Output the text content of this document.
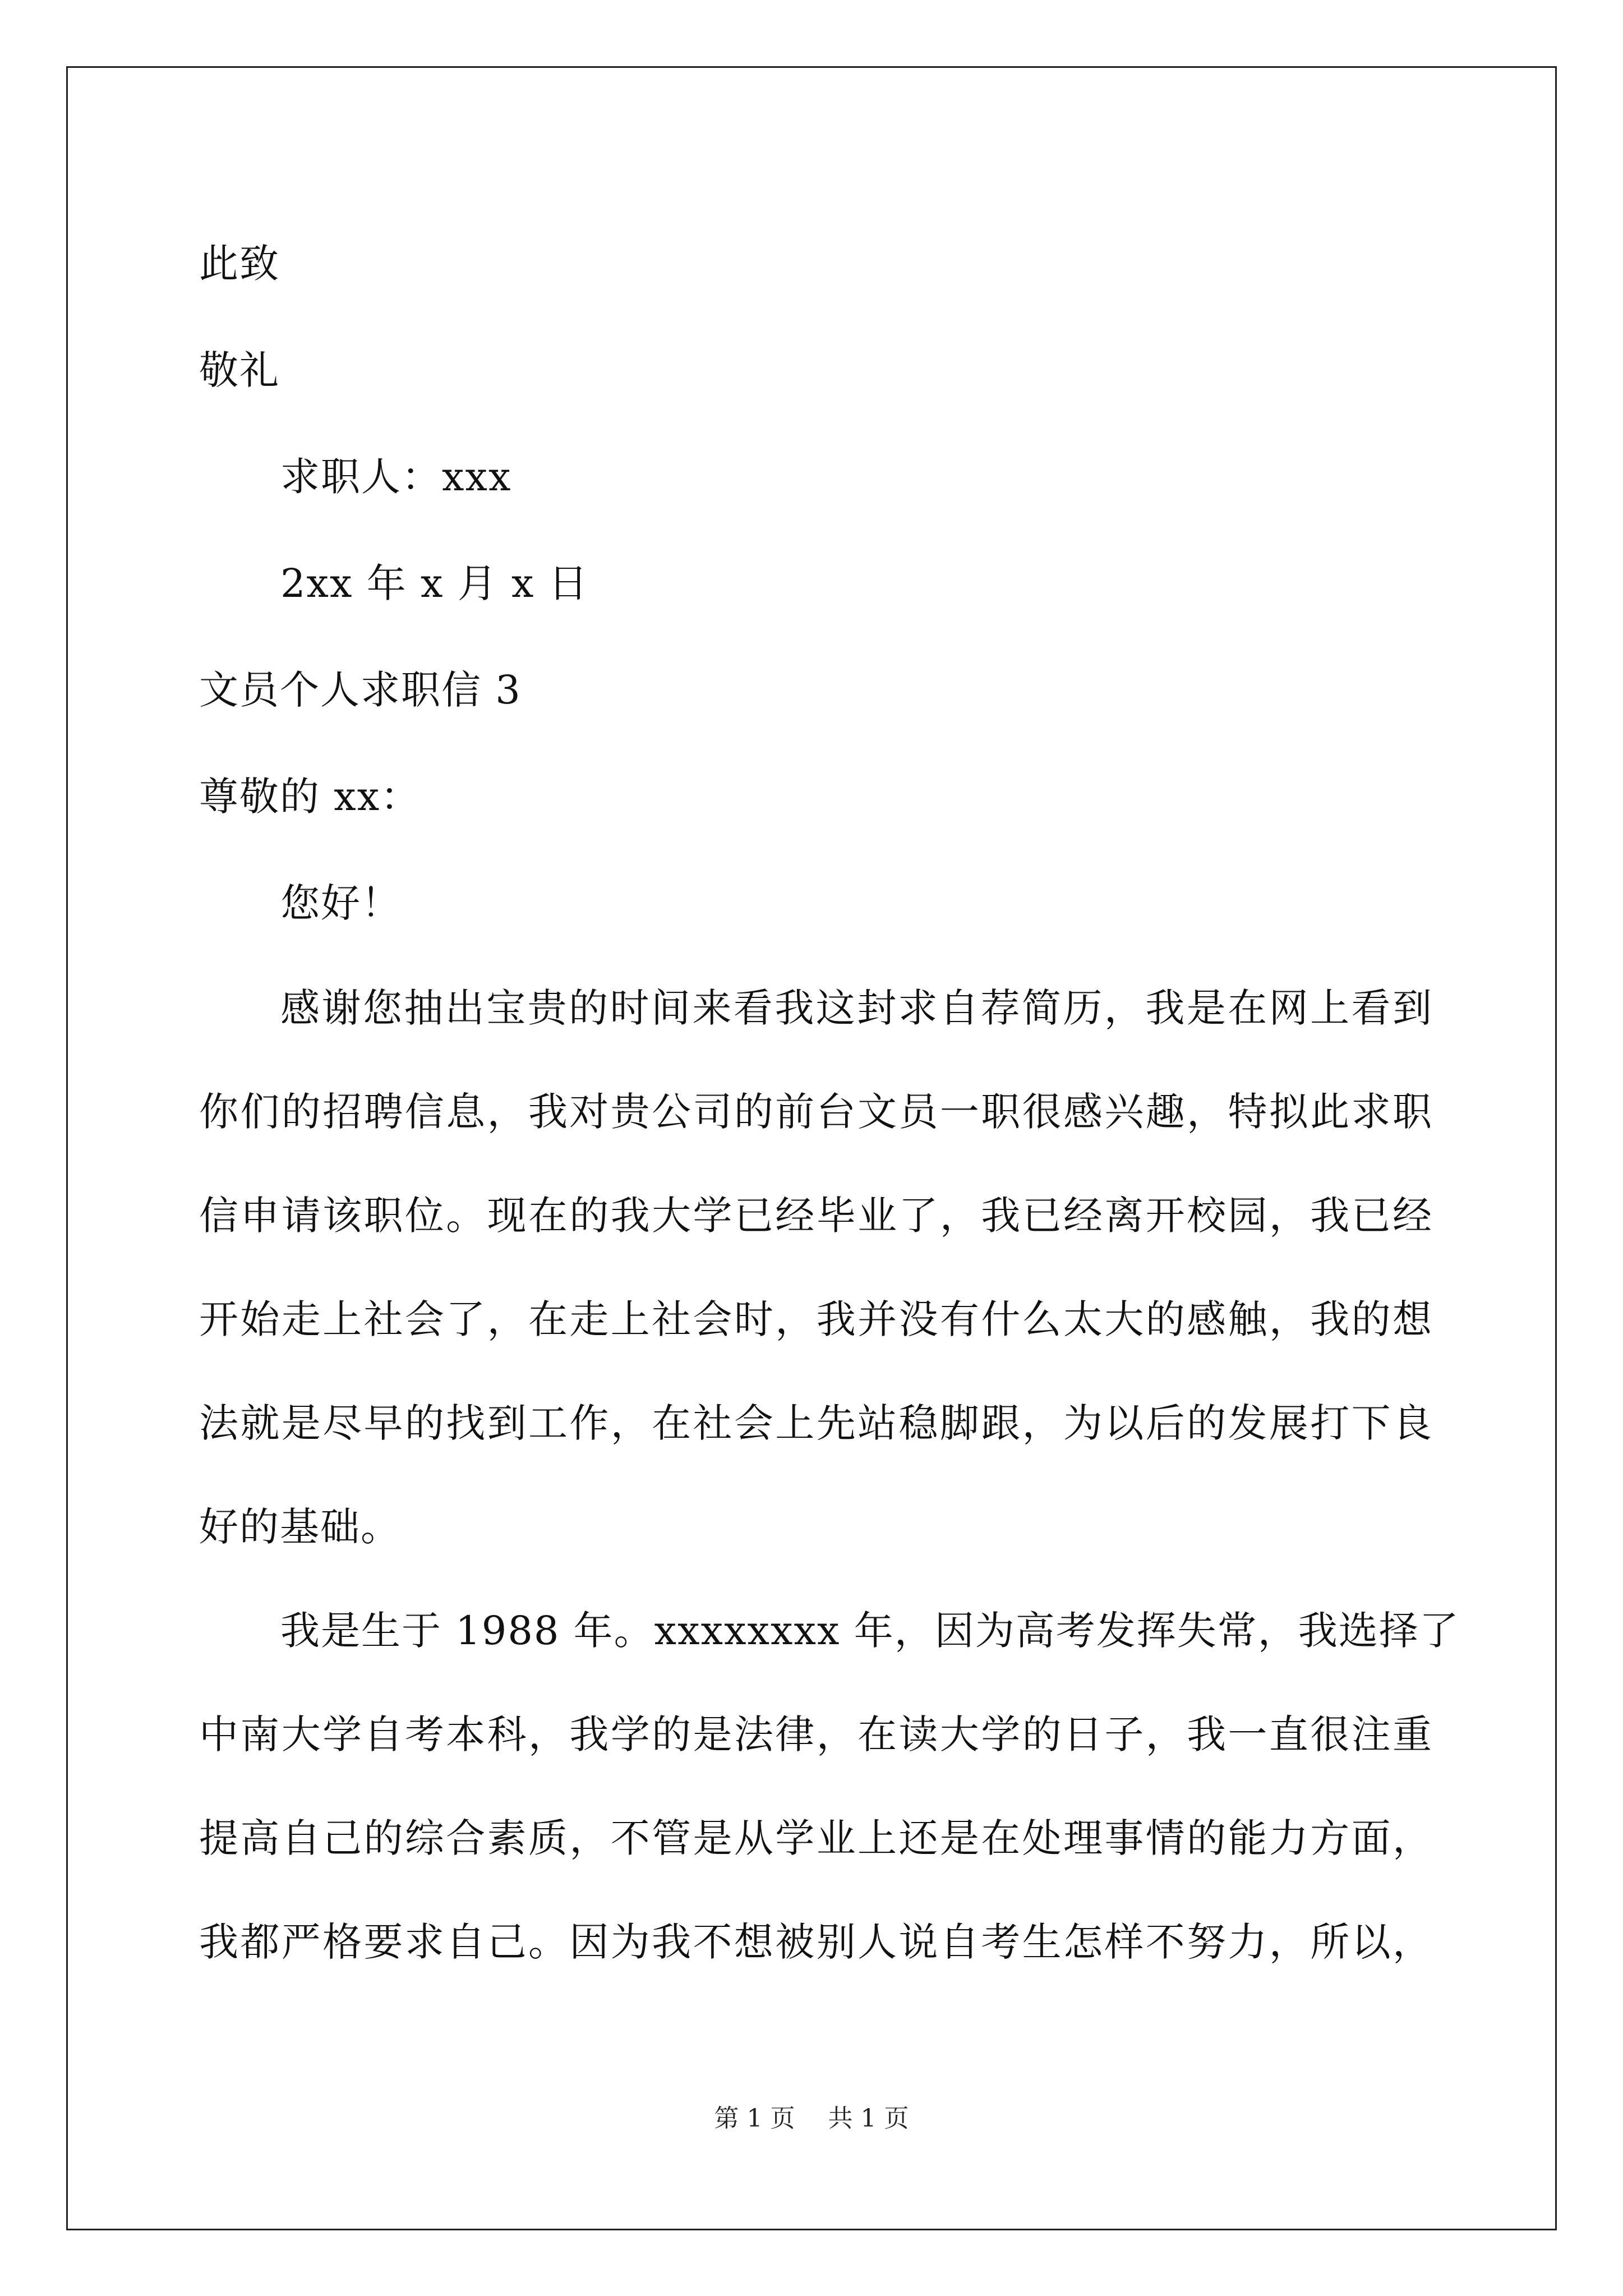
此致
敬礼
求职人：xxx
2xx 年 x 月 x 日
文员个人求职信 3
尊敬的 xx：
您好！
感谢您抽出宝贵的时间来看我这封求自荐简历，我是在网上看到
你们的招聘信息，我对贵公司的前台文员一职很感兴趣，特拟此求职
信申请该职位。现在的我大学已经毕业了，我已经离开校园，我已经
开始走上社会了，在走上社会时，我并没有什么太大的感触，我的想
法就是尽早的找到工作，在社会上先站稳脚跟，为以后的发展打下良
好的基础。
我是生于 1988 年。xxxxxxxx 年，因为高考发挥失常，我选择了
中南大学自考本科，我学的是法律，在读大学的日子，我一直很注重
提高自己的综合素质，不管是从学业上还是在处理事情的能力方面，
我都严格要求自己。因为我不想被别人说自考生怎样不努力，所以，
第 1 页 共 1 页
